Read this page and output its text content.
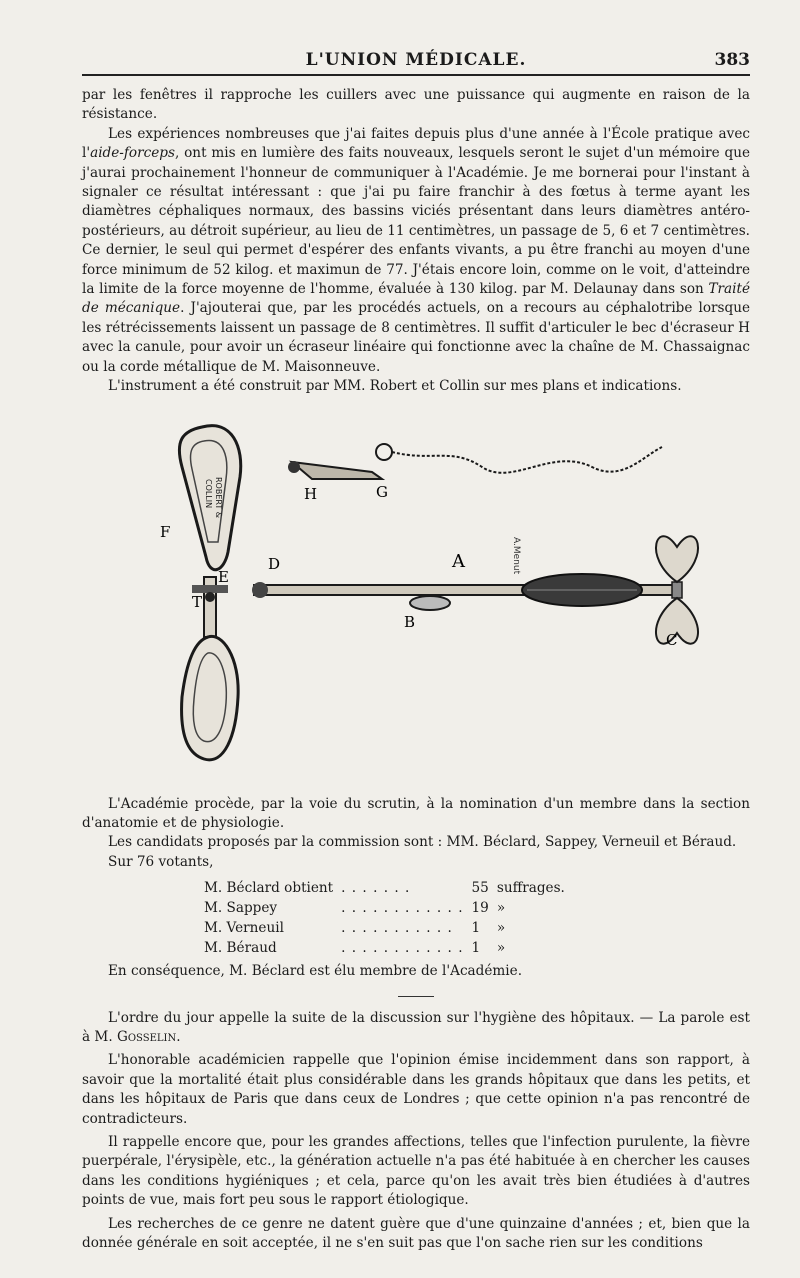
L'UNION MÉDICALE.	383

par les fenêtres il rapproche les cuillers avec une puissance qui augmente en raison de la résistance.

Les expériences nombreuses que j'ai faites depuis plus d'une année à l'École pratique avec l'aide-forceps, ont mis en lumière des faits nouveaux, lesquels seront le sujet d'un mémoire que j'aurai prochainement l'honneur de communiquer à l'Académie. Je me bornerai pour l'instant à signaler ce résultat intéressant : que j'ai pu faire franchir à des fœtus à terme ayant les diamètres céphaliques normaux, des bassins viciés présentant dans leurs diamètres antéro-postérieurs, au détroit supérieur, au lieu de 11 centimètres, un passage de 5, 6 et 7 centimètres. Ce dernier, le seul qui permet d'espérer des enfants vivants, a pu être franchi au moyen d'une force minimum de 52 kilog. et maximun de 77. J'étais encore loin, comme on le voit, d'atteindre la limite de la force moyenne de l'homme, évaluée à 130 kilog. par M. Delaunay dans son Traité de mécanique. J'ajouterai que, par les procédés actuels, on a recours au céphalotribe lorsque les rétrécissements laissent un passage de 8 centimètres. Il suffit d'articuler le bec d'écraseur H avec la canule, pour avoir un écraseur linéaire qui fonctionne avec la chaîne de M. Chassaignac ou la corde métallique de M. Maisonneuve.

L'instrument a été construit par MM. Robert et Collin sur mes plans et indications.

ROBERT &
COLLIN
F
E
T
H	G
D	A
B
A.Menut
C

L'Académie procède, par la voie du scrutin, à la nomination d'un membre dans la section d'anatomie et de physiologie.

Les candidats proposés par la commission sont : MM. Béclard, Sappey, Verneuil et Béraud.

Sur 76 votants,

M. Béclard obtient	. . . . . . .	55	suffrages.
M. Sappey	. . . . . . . . . . . .	19	»
M. Verneuil	. . . . . . . . . . .	1	»
M. Béraud	. . . . . . . . . . . .	1	»

En conséquence, M. Béclard est élu membre de l'Académie.

L'ordre du jour appelle la suite de la discussion sur l'hygiène des hôpitaux. — La parole est à M. Gosselin.

L'honorable académicien rappelle que l'opinion émise incidemment dans son rapport, à savoir que la mortalité était plus considérable dans les grands hôpitaux que dans les petits, et dans les hôpitaux de Paris que dans ceux de Londres ; que cette opinion n'a pas rencontré de contradicteurs.

Il rappelle encore que, pour les grandes affections, telles que l'infection purulente, la fièvre puerpérale, l'érysipèle, etc., la génération actuelle n'a pas été habituée à en chercher les causes dans les conditions hygiéniques ; et cela, parce qu'on les avait très bien étudiées à d'autres points de vue, mais fort peu sous le rapport étiologique.

Les recherches de ce genre ne datent guère que d'une quinzaine d'années ; et, bien que la donnée générale en soit acceptée, il ne s'en suit pas que l'on sache rien sur les conditions
